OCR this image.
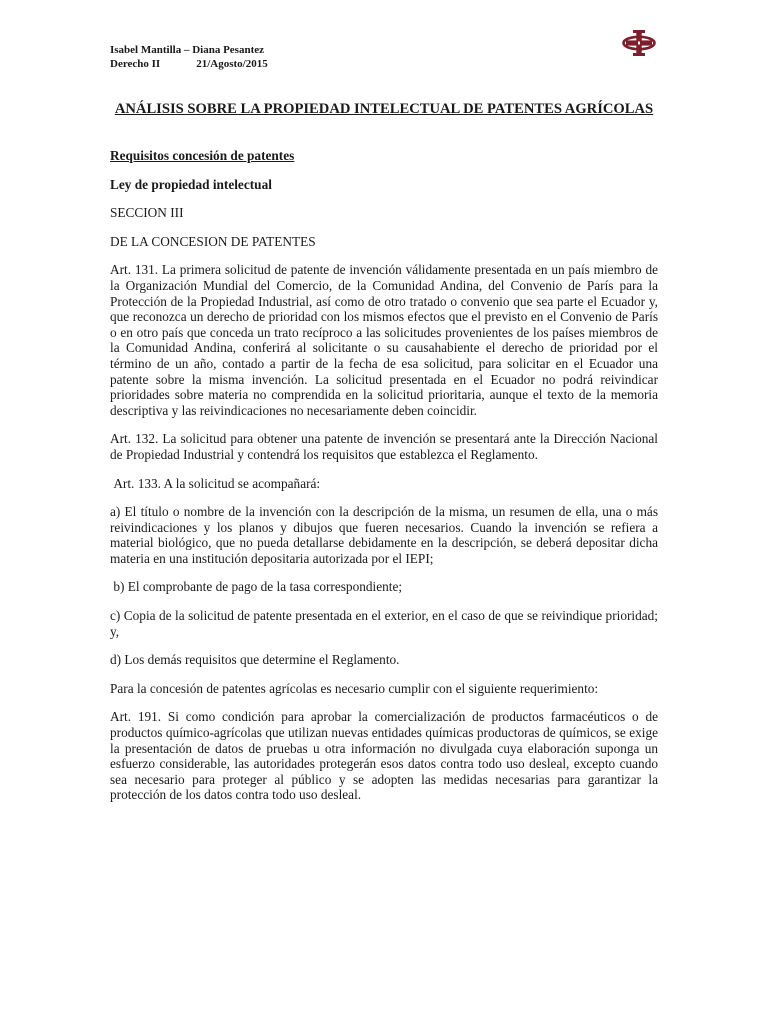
Isabel Mantilla – Diana Pesantez
Derecho II	21/Agosto/2015
ANÁLISIS SOBRE LA PROPIEDAD INTELECTUAL DE PATENTES AGRÍCOLAS

Requisitos concesión de patentes

Ley de propiedad intelectual

SECCION III

DE LA CONCESION DE PATENTES

Art. 131. La primera solicitud de patente de invención válidamente presentada en un país miembro de la Organización Mundial del Comercio, de la Comunidad Andina, del Convenio de París para la Protección de la Propiedad Industrial, así como de otro tratado o convenio que sea parte el Ecuador y, que reconozca un derecho de prioridad con los mismos efectos que el previsto en el Convenio de París o en otro país que conceda un trato recíproco a las solicitudes provenientes de los países miembros de la Comunidad Andina, conferirá al solicitante o su causahabiente el derecho de prioridad por el término de un año, contado a partir de la fecha de esa solicitud, para solicitar en el Ecuador una patente sobre la misma invención. La solicitud presentada en el Ecuador no podrá reivindicar prioridades sobre materia no comprendida en la solicitud prioritaria, aunque el texto de la memoria descriptiva y las reivindicaciones no necesariamente deben coincidir.

Art. 132. La solicitud para obtener una patente de invención se presentará ante la Dirección Nacional de Propiedad Industrial y contendrá los requisitos que establezca el Reglamento.

Art. 133. A la solicitud se acompañará:

a) El título o nombre de la invención con la descripción de la misma, un resumen de ella, una o más reivindicaciones y los planos y dibujos que fueren necesarios. Cuando la invención se refiera a material biológico, que no pueda detallarse debidamente en la descripción, se deberá depositar dicha materia en una institución depositaria autorizada por el IEPI;

b) El comprobante de pago de la tasa correspondiente;

c) Copia de la solicitud de patente presentada en el exterior, en el caso de que se reivindique prioridad; y,

d) Los demás requisitos que determine el Reglamento.

Para la concesión de patentes agrícolas es necesario cumplir con el siguiente requerimiento:

Art. 191. Si como condición para aprobar la comercialización de productos farmacéuticos o de productos químico-agrícolas que utilizan nuevas entidades químicas productoras de químicos, se exige la presentación de datos de pruebas u otra información no divulgada cuya elaboración suponga un esfuerzo considerable, las autoridades protegerán esos datos contra todo uso desleal, excepto cuando sea necesario para proteger al público y se adopten las medidas necesarias para garantizar la protección de los datos contra todo uso desleal.
